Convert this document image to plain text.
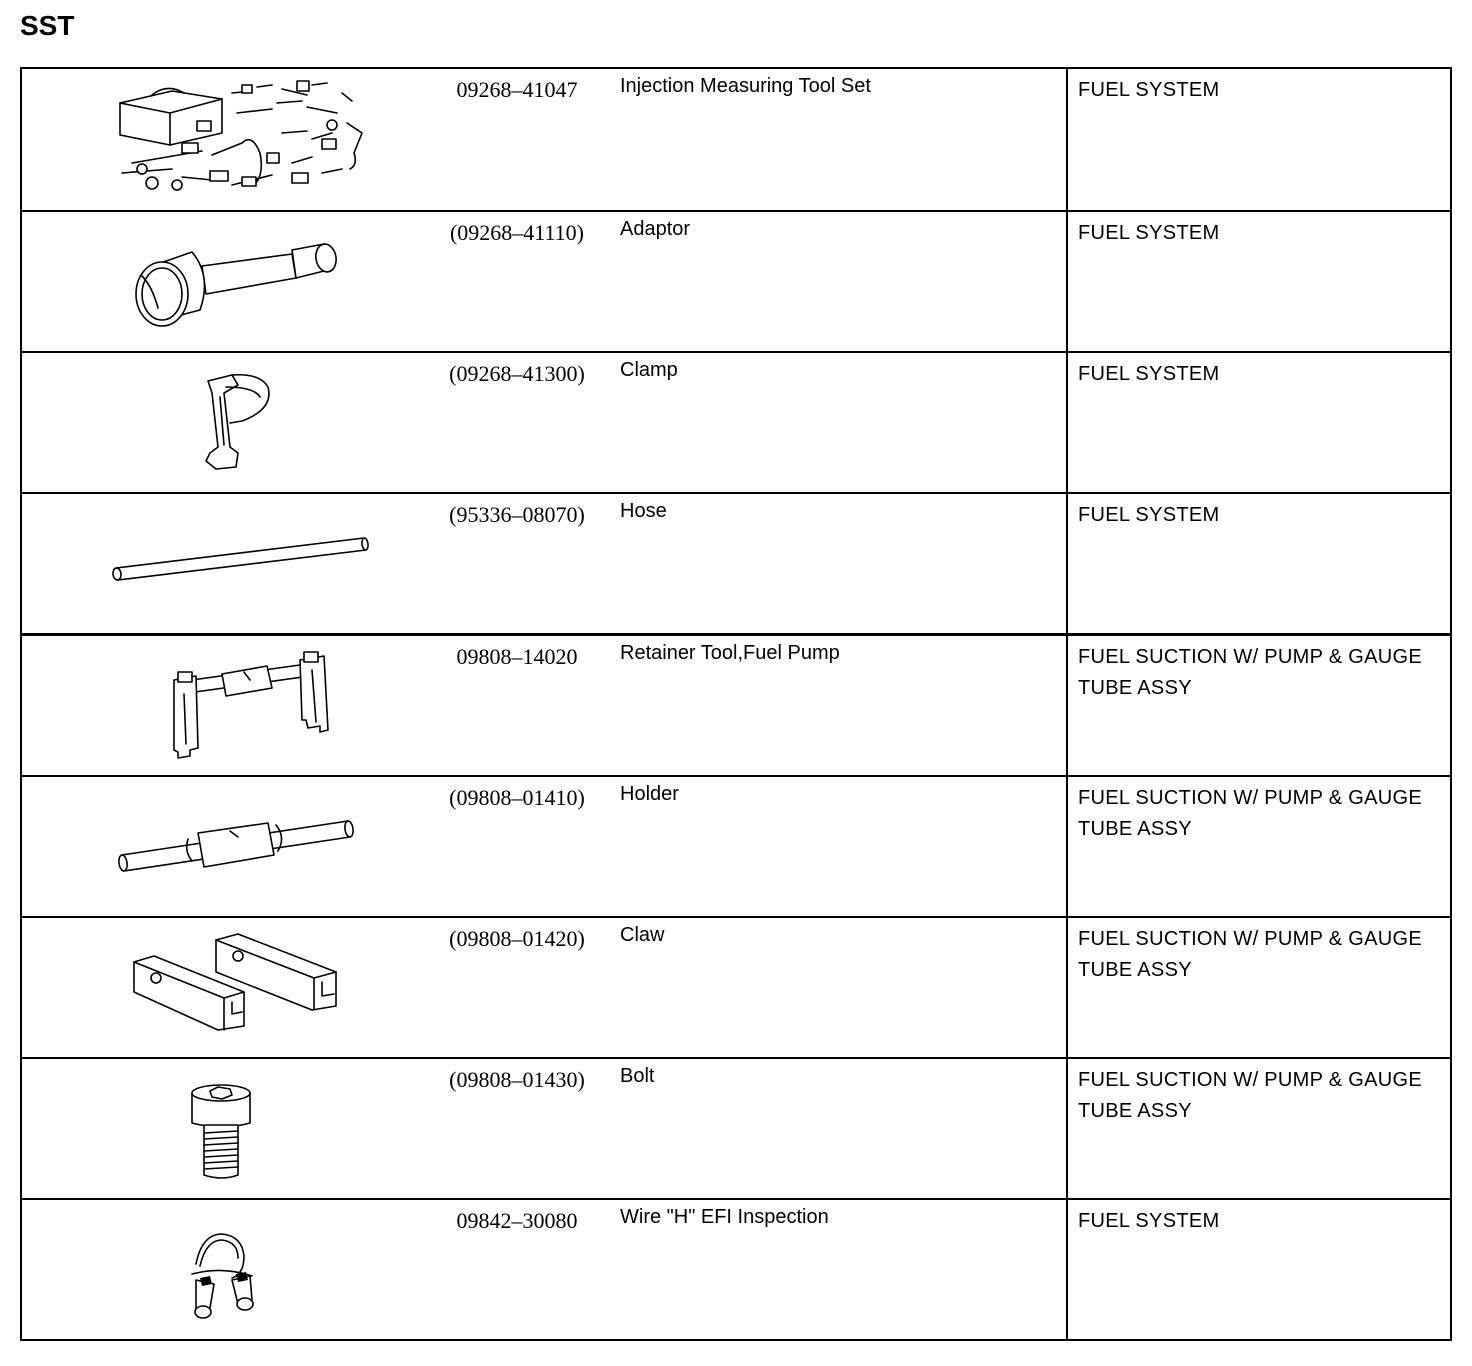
SST
09268–41047 Injection Measuring Tool Set	FUEL SYSTEM

(09268–41110) Adaptor	FUEL SYSTEM

(09268–41300) Clamp	FUEL SYSTEM

(95336–08070) Hose	FUEL SYSTEM

09808–14020 Retainer Tool,Fuel Pump	FUEL SUCTION W/ PUMP & GAUGE TUBE ASSY

(09808–01410) Holder	FUEL SUCTION W/ PUMP & GAUGE TUBE ASSY

(09808–01420) Claw	FUEL SUCTION W/ PUMP & GAUGE TUBE ASSY

(09808–01430) Bolt	FUEL SUCTION W/ PUMP & GAUGE TUBE ASSY

09842–30080 Wire "H" EFI Inspection	FUEL SYSTEM
